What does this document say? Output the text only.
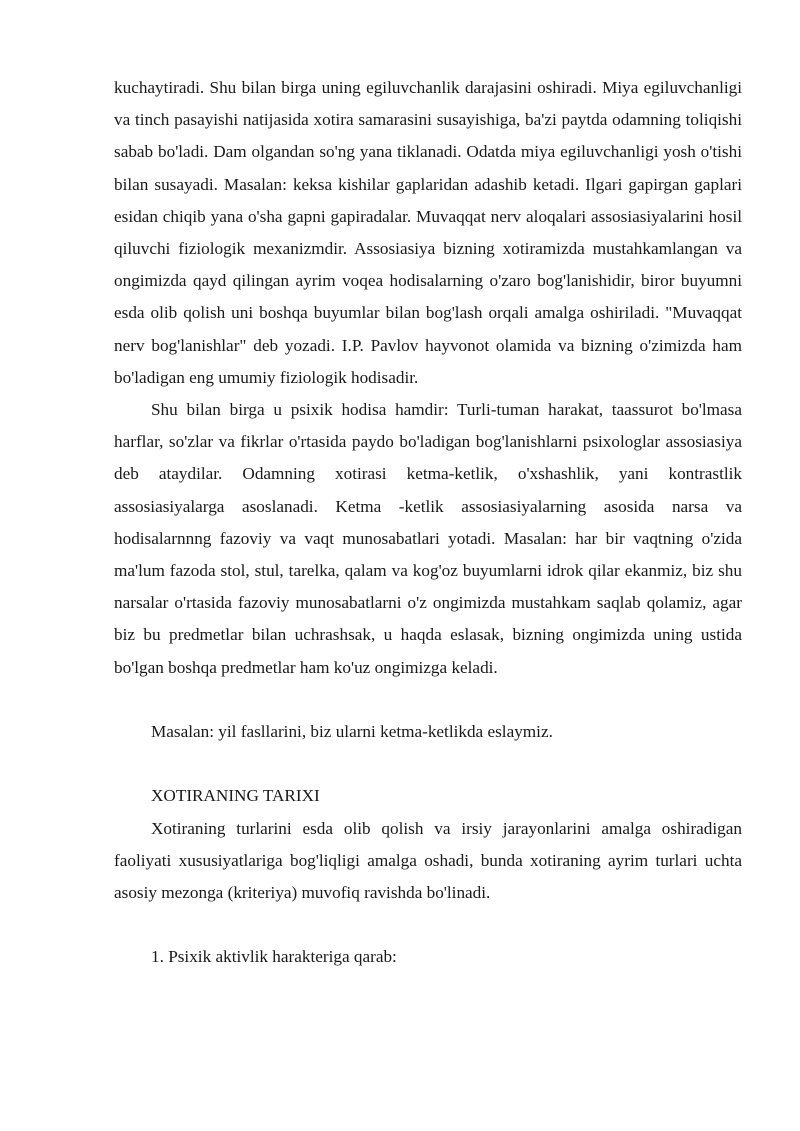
kuchaytiradi. Shu bilan birga uning egiluvchanlik darajasini oshiradi. Miya egiluvchanligi va tinch pasayishi natijasida xotira samarasini susayishiga, ba'zi paytda odamning toliqishi sabab bo'ladi. Dam olgandan so'ng yana tiklanadi. Odatda miya egiluvchanligi yosh o'tishi bilan susayadi. Masalan: keksa kishilar gaplaridan adashib ketadi. Ilgari gapirgan gaplari esidan chiqib yana o'sha gapni gapiradalar. Muvaqqat nerv aloqalari assosiasiyalarini hosil qiluvchi fiziologik mexanizmdir. Assosiasiya bizning xotiramizda mustahkamlangan va ongimizda qayd qilingan ayrim voqea hodisalarning o'zaro bog'lanishidir, biror buyumni esda olib qolish uni boshqa buyumlar bilan bog'lash orqali amalga oshiriladi. "Muvaqqat nerv bog'lanishlar" deb yozadi. I.P. Pavlov hayvonot olamida va bizning o'zimizda ham bo'ladigan eng umumiy fiziologik hodisadir.

Shu bilan birga u psixik hodisa hamdir: Turli-tuman harakat, taassurot bo'lmasa harflar, so'zlar va fikrlar o'rtasida paydo bo'ladigan bog'lanishlarni psixologlar assosiasiya deb ataydilar. Odamning xotirasi ketma-ketlik, o'xshashlik, yani kontrastlik assosiasiyalarga asoslanadi. Ketma -ketlik assosiasiyalarning asosida narsa va hodisalarnnng fazoviy va vaqt munosabatlari yotadi. Masalan: har bir vaqtning o'zida ma'lum fazoda stol, stul, tarelka, qalam va kog'oz buyumlarni idrok qilar ekanmiz, biz shu narsalar o'rtasida fazoviy munosabatlarni o'z ongimizda mustahkam saqlab qolamiz, agar biz bu predmetlar bilan uchrashsak, u haqda eslasak, bizning ongimizda uning ustida bo'lgan boshqa predmetlar ham ko'uz ongimizga keladi.

Masalan: yil fasllarini, biz ularni ketma-ketlikda eslaymiz.

XOTIRANING TARIXI

Xotiraning turlarini esda olib qolish va irsiy jarayonlarini amalga oshiradigan faoliyati xususiyatlariga bog'liqligi amalga oshadi, bunda xotiraning ayrim turlari uchta asosiy mezonga (kriteriya) muvofiq ravishda bo'linadi.

1. Psixik aktivlik harakteriga qarab:
